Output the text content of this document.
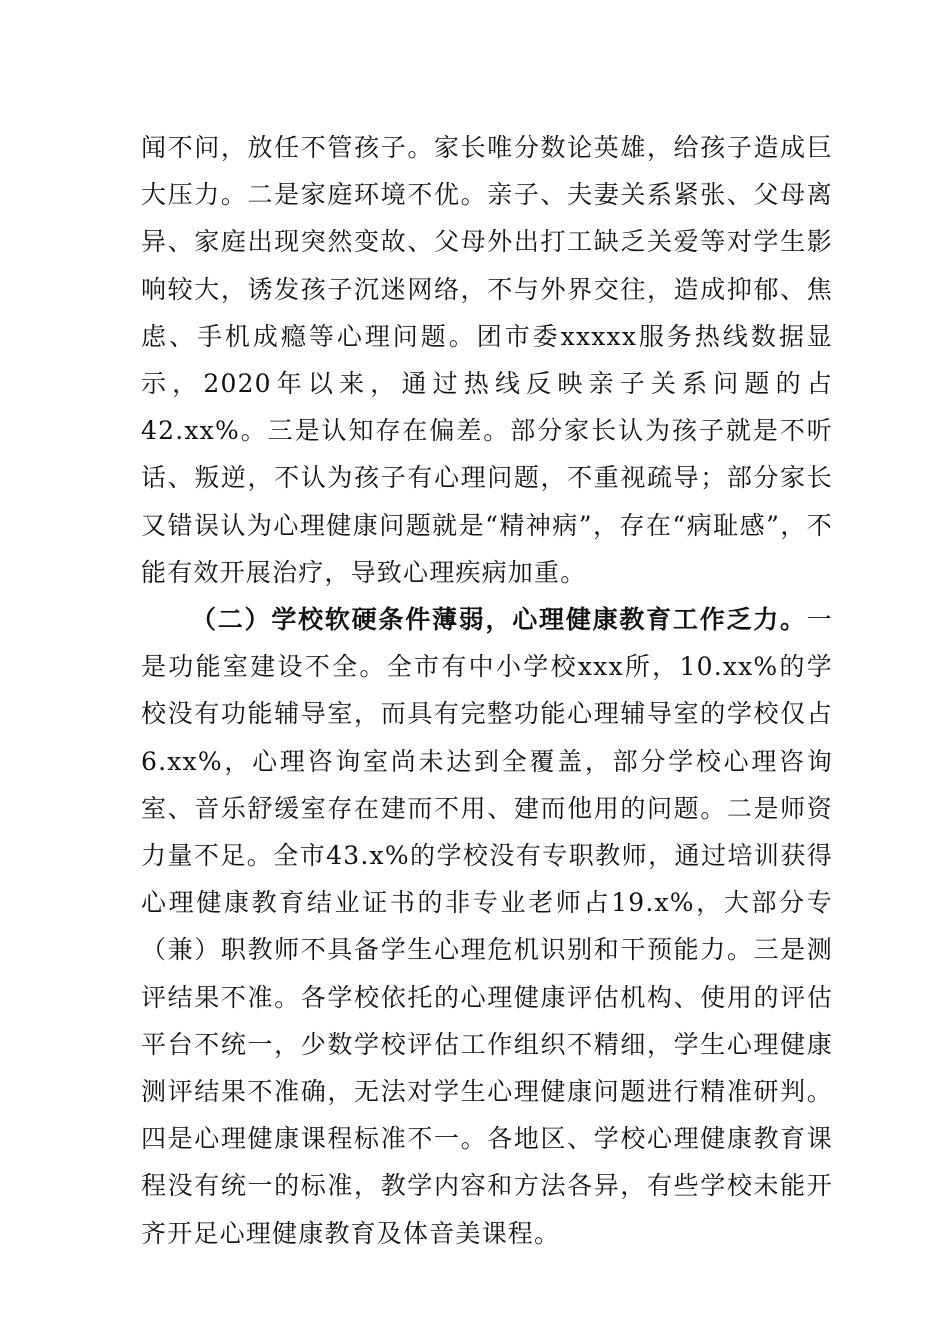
闻不问，放任不管孩子。家长唯分数论英雄，给孩子造成巨大压力。二是家庭环境不优。亲子、夫妻关系紧张、父母离异、家庭出现突然变故、父母外出打工缺乏关爱等对学生影响较大，诱发孩子沉迷网络，不与外界交往，造成抑郁、焦虑、手机成瘾等心理问题。团市委xxxxx服务热线数据显示，2020年以来，通过热线反映亲子关系问题的占42.xx%。三是认知存在偏差。部分家长认为孩子就是不听话、叛逆，不认为孩子有心理问题，不重视疏导；部分家长又错误认为心理健康问题就是“精神病”，存在“病耻感”，不能有效开展治疗，导致心理疾病加重。

（二）学校软硬条件薄弱，心理健康教育工作乏力。一是功能室建设不全。全市有中小学校xxx所，10.xx%的学校没有功能辅导室，而具有完整功能心理辅导室的学校仅占6.xx%，心理咨询室尚未达到全覆盖，部分学校心理咨询室、音乐舒缓室存在建而不用、建而他用的问题。二是师资力量不足。全市43.x%的学校没有专职教师，通过培训获得心理健康教育结业证书的非专业老师占19.x%，大部分专（兼）职教师不具备学生心理危机识别和干预能力。三是测评结果不准。各学校依托的心理健康评估机构、使用的评估平台不统一，少数学校评估工作组织不精细，学生心理健康测评结果不准确，无法对学生心理健康问题进行精准研判。四是心理健康课程标准不一。各地区、学校心理健康教育课程没有统一的标准，教学内容和方法各异，有些学校未能开齐开足心理健康教育及体音美课程。
